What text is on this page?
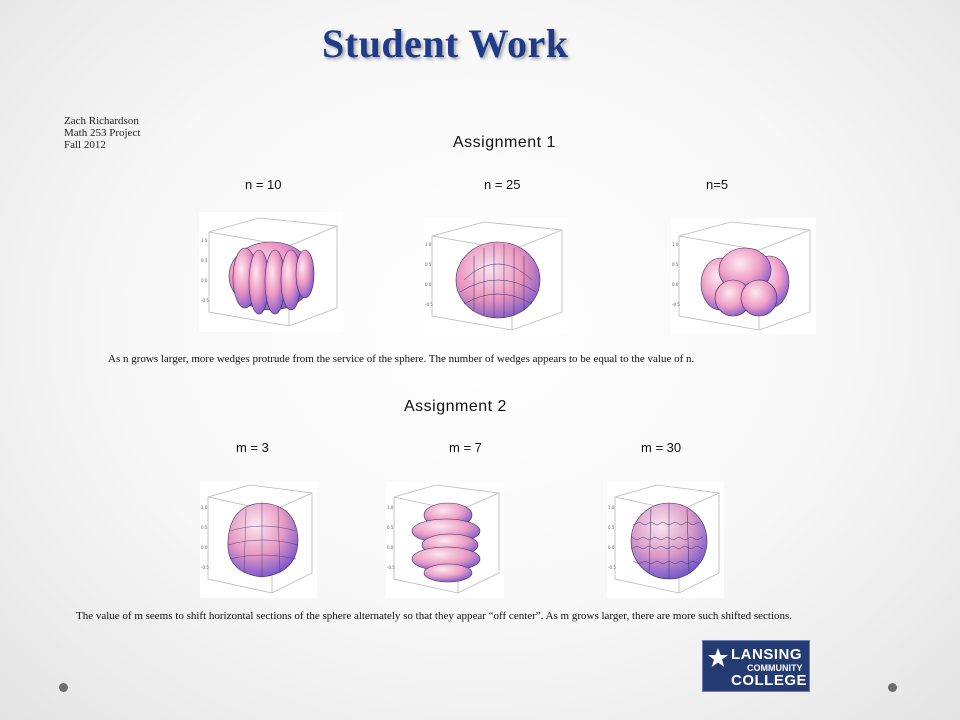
Student Work
Zach Richardson
Math 253 Project
Fall 2012	Assignment 1
n = 10	n = 25	n=5
1.0
0.5
0.0
-0.5
1.0
0.5
0.0
-0.5
1.0
0.5
0.0
-0.5
As n grows larger, more wedges protrude from the service of the sphere. The number of wedges appears to be equal to the value of n.
Assignment 2
m = 3	m = 7	m = 30
1.0
0.5
0.0
-0.5
1.0
0.5
0.0
-0.5
1.0
0.5
0.0
-0.5
The value of m seems to shift horizontal sections of the sphere alternately so that they appear “off center”. As m grows larger, there are more such shifted sections.
LANSING
COMMUNITY
COLLEGE
